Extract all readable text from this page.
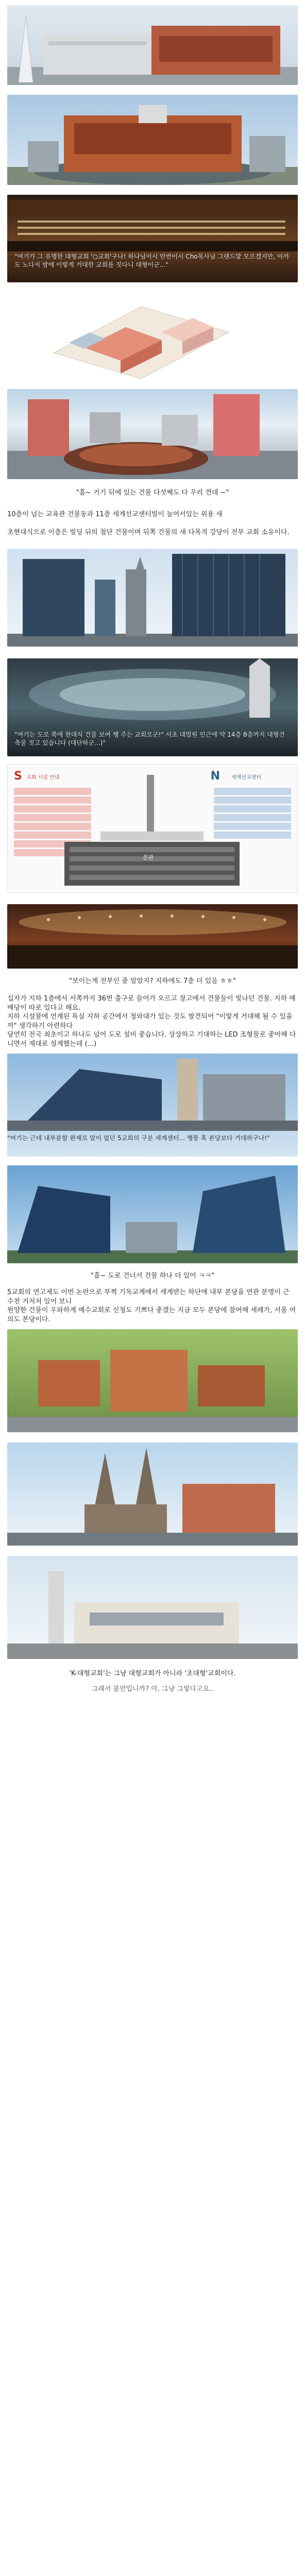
"여기가 그 유명한 대형교회 '○교회'구나! 하나님이시 안반이시 Cho목사님 그랜드말 모르겠지만, 아까도 노다지 밤에 이렇게 거대한 교회를 짓다니 대형이군..."
"흠~ 거기 뒤에 있는 건물 다섯째도 다 우리 껀데 ~"
10층이 넘는 교육관 건물동과 11층 세계선교센터빌이 늘어서있는 위용 새
초현대식으로 이층은 빌딩 뒤의 첨단 건물이며 뒤쪽 건물의 새 다목적 강당이 전부 교회 소유이다.
"여기는 도로 쪽에 현대식 건물 보여 쨍 주는 교회로군!" 서초 대법원 인근에 약 14층 8층까지 대형건축물 짓고 있습니다 (대단하군...)"
S 교회 시설 안내	N 세계선교센터
본관
"보이는게 전부인 줄 알았지? 지하에도 7층 더 있음 ㅎㅎ"
십자가 지하 1층에서 서쪽까지 36번 출구로 들어가 오르고 창고에서 건물들이 빛나던 건물. 지하 예배당이 따로 있다고 해요.
지하 시설물에 연계된 특실 지하 공간에서 청와대가 있는 것도 발견되어 "이렇게 거대해 될 수 있을까" 생각하기 아련하다
당연히 전국 최초이고 하나도 넘어 도로 설비 좋습니다. 상상하고 기대하는 LED 조형물로 좋아해 다니면서 제대로 설계했는데 (...)
"여기는 근데 내부분할 완제로 알이 없던 5교회의 구분 세계센터... 쨍퉁 혹 본당보다 거대하구나!"
"흠~ 도로 건너서 건물 하나 더 있어 ㅋㅋ"
5교회의 연고제도 이번 논란으로 부쩍 기독교계에서 세계받는 하단에 내부 본당을 연관 분명이 근 수천 거처처 있어 보니
원양한 건물이 우와하게 예수교회로 신청도 기쁘다 좋겠는 지금 모두 본당에 참여해 세례가, 서울 여의도 본당이다.
'K-대형교회'는 그냥 대형교회가 아니라 '초대형'교회이다.
그래서 불만입니까? 아, 그냥 그렇다고요..
